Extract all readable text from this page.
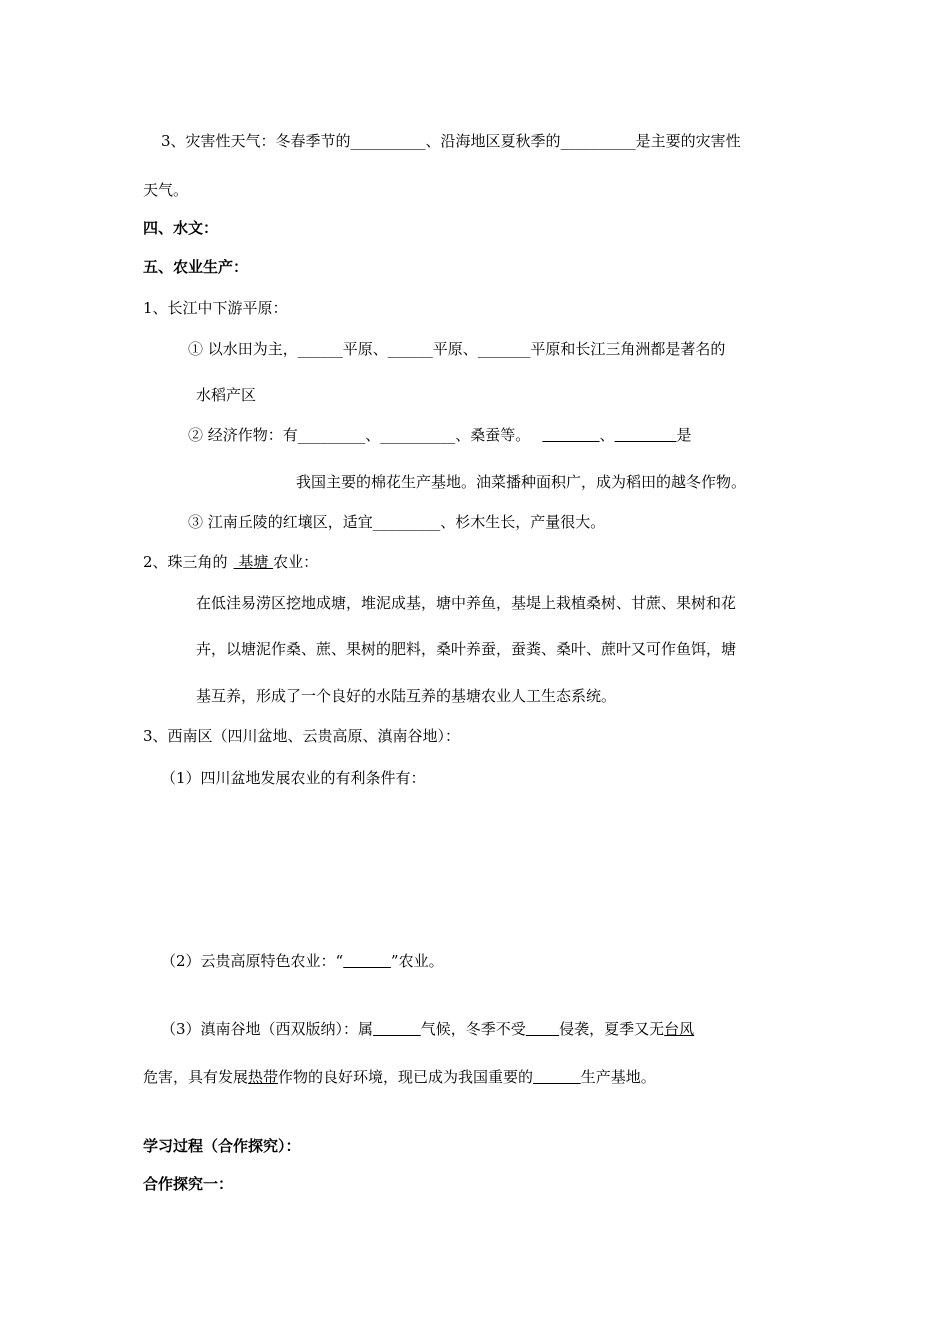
3、灾害性天气：冬春季节的__________、沿海地区夏秋季的__________是主要的灾害性
天气。
四、水文：
五、农业生产：
1、长江中下游平原：
① 以水田为主，______平原、______平原、_______平原和长江三角洲都是著名的
水稻产区
② 经济作物：有_________、__________、桑蚕等。	、	是
我国主要的棉花生产基地。油菜播种面积广，成为稻田的越冬作物。
③ 江南丘陵的红壤区，适宜_________、杉木生长，产量很大。
2、珠三角的 基塘 农业：
在低洼易涝区挖地成塘，堆泥成基，塘中养鱼，基堤上栽植桑树、甘蔗、果树和花
卉，以塘泥作桑、蔗、果树的肥料，桑叶养蚕，蚕粪、桑叶、蔗叶又可作鱼饵，塘
基互养，形成了一个良好的水陆互养的基塘农业人工生态系统。
3、西南区（四川盆地、云贵高原、滇南谷地）：
（1）四川盆地发展农业的有利条件有：
（2）云贵高原特色农业：“	”农业。
（3）滇南谷地（西双版纳）：属	气候，冬季不受 侵袭，夏季又无台风
危害，具有发展热带作物的良好环境，现已成为我国重要的	生产基地。
学习过程（合作探究）：
合作探究一：
